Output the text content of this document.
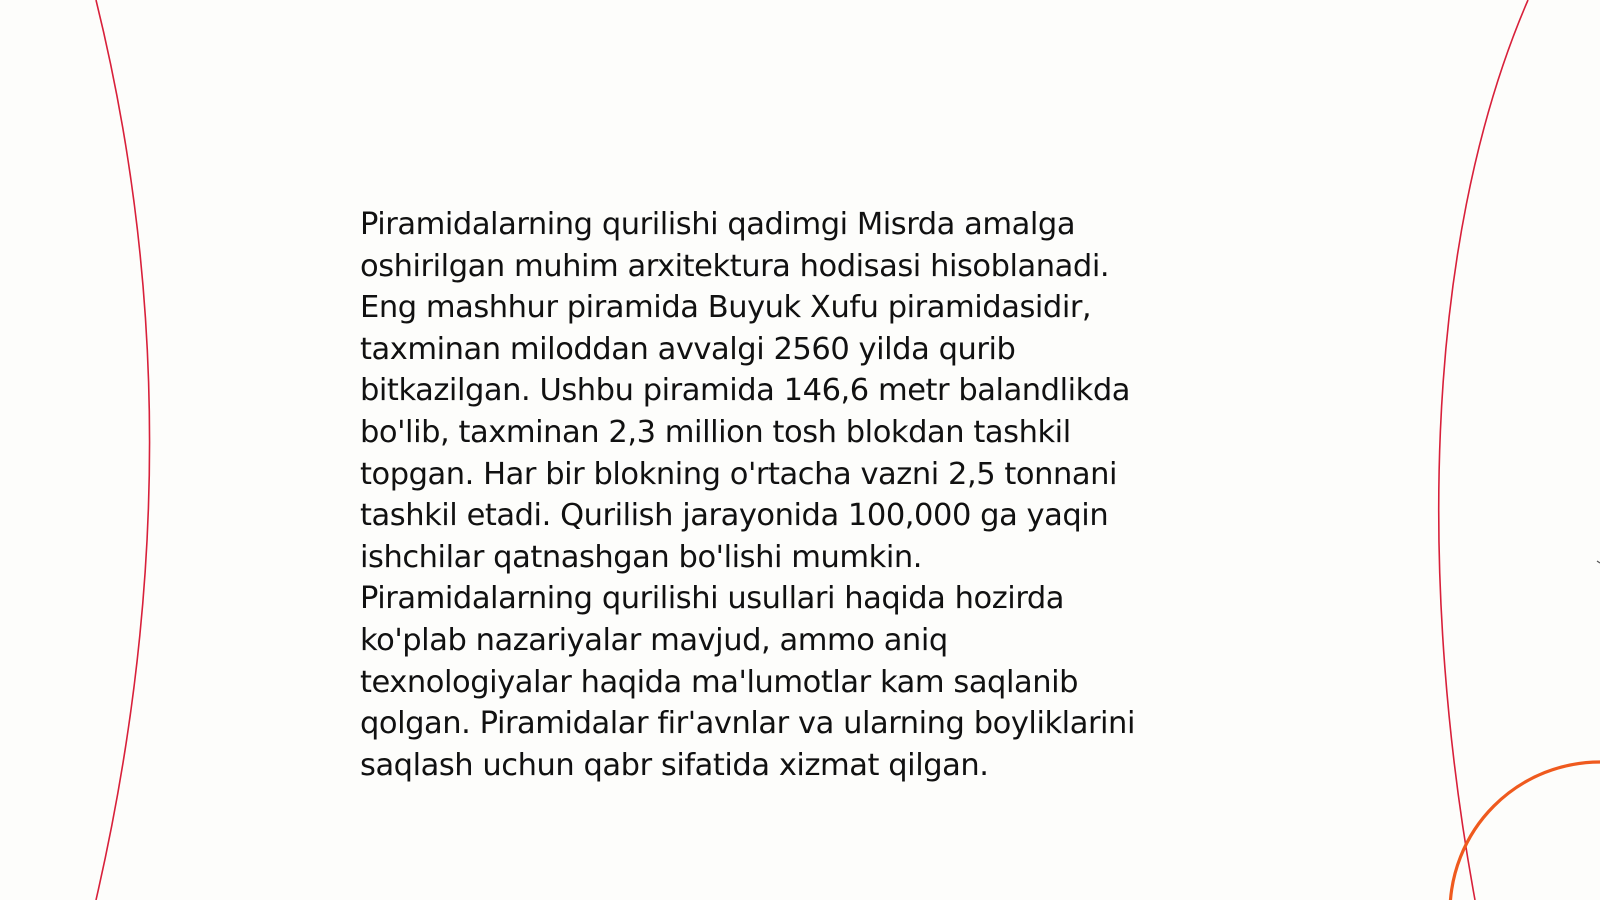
Piramidalarning qurilishi qadimgi Misrda amalga
oshirilgan muhim arxitektura hodisasi hisoblanadi.
Eng mashhur piramida Buyuk Xufu piramidasidir,
taxminan miloddan avvalgi 2560 yilda qurib
bitkazilgan. Ushbu piramida 146,6 metr balandlikda
bo'lib, taxminan 2,3 million tosh blokdan tashkil
topgan. Har bir blokning o'rtacha vazni 2,5 tonnani
tashkil etadi. Qurilish jarayonida 100,000 ga yaqin
ishchilar qatnashgan bo'lishi mumkin.
Piramidalarning qurilishi usullari haqida hozirda
ko'plab nazariyalar mavjud, ammo aniq
texnologiyalar haqida ma'lumotlar kam saqlanib
qolgan. Piramidalar fir'avnlar va ularning boyliklarini
saqlash uchun qabr sifatida xizmat qilgan.
